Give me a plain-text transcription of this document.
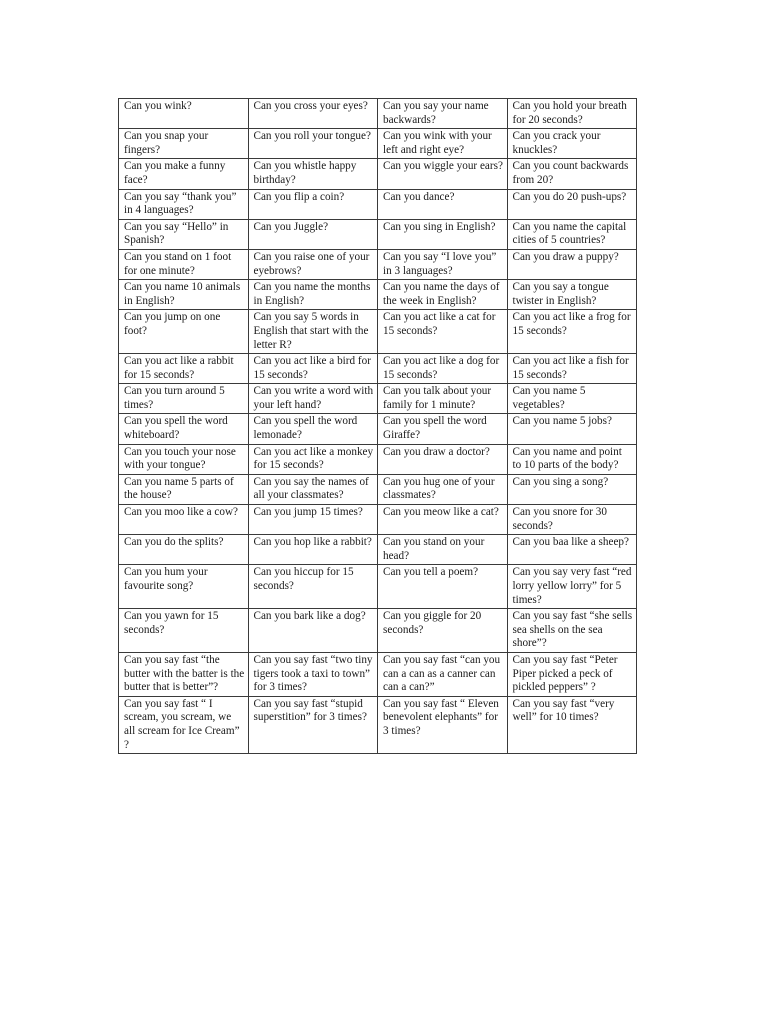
Can you wink?	Can you cross your eyes?	Can you say your name backwards?	Can you hold your breath for 20 seconds?
Can you snap your fingers?	Can you roll your tongue?	Can you wink with your left and right eye?	Can you crack your knuckles?
Can you make a funny face?	Can you whistle happy birthday?	Can you wiggle your ears?	Can you count backwards from 20?
Can you say “thank you” in 4 languages?	Can you flip a coin?	Can you dance?	Can you do 20 push-ups?
Can you say “Hello” in Spanish?	Can you Juggle?	Can you sing in English?	Can you name the capital cities of 5 countries?
Can you stand on 1 foot for one minute?	Can you raise one of your eyebrows?	Can you say “I love you” in 3 languages?	Can you draw a puppy?
Can you name 10 animals in English?	Can you name the months in English?	Can you name the days of the week in English?	Can you say a tongue twister in English?
Can you jump on one foot?	Can you say 5 words in English that start with the letter R?	Can you act like a cat for 15 seconds?	Can you act like a frog for 15 seconds?
Can you act like a rabbit for 15 seconds?	Can you act like a bird for 15 seconds?	Can you act like a dog for 15 seconds?	Can you act like a fish for 15 seconds?
Can you turn around 5 times?	Can you write a word with your left hand?	Can you talk about your family for 1 minute?	Can you name 5 vegetables?
Can you spell the word whiteboard?	Can you spell the word lemonade?	Can you spell the word Giraffe?	Can you name 5 jobs?
Can you touch your nose with your tongue?	Can you act like a monkey for 15 seconds?	Can you draw a doctor?	Can you name and point to 10 parts of the body?
Can you name 5 parts of the house?	Can you say the names of all your classmates?	Can you hug one of your classmates?	Can you sing a song?
Can you moo like a cow?	Can you jump 15 times?	Can you meow like a cat?	Can you snore for 30 seconds?
Can you do the splits?	Can you hop like a rabbit?	Can you stand on your head?	Can you baa like a sheep?
Can you hum your favourite song?	Can you hiccup for 15 seconds?	Can you tell a poem?	Can you say very fast “red lorry yellow lorry” for 5 times?
Can you yawn for 15 seconds?	Can you bark like a dog?	Can you giggle for 20 seconds?	Can you say fast “she sells sea shells on the sea shore”?
Can you say fast “the butter with the batter is the butter that is better”?	Can you say fast “two tiny tigers took a taxi to town” for 3 times?	Can you say fast “can you can a can as a canner can can a can?”	Can you say fast “Peter Piper picked a peck of pickled peppers” ?
Can you say fast “ I scream, you scream, we all scream for Ice Cream” ?	Can you say fast “stupid superstition” for 3 times?	Can you say fast “ Eleven benevolent elephants” for 3 times?	Can you say fast “very well” for 10 times?
